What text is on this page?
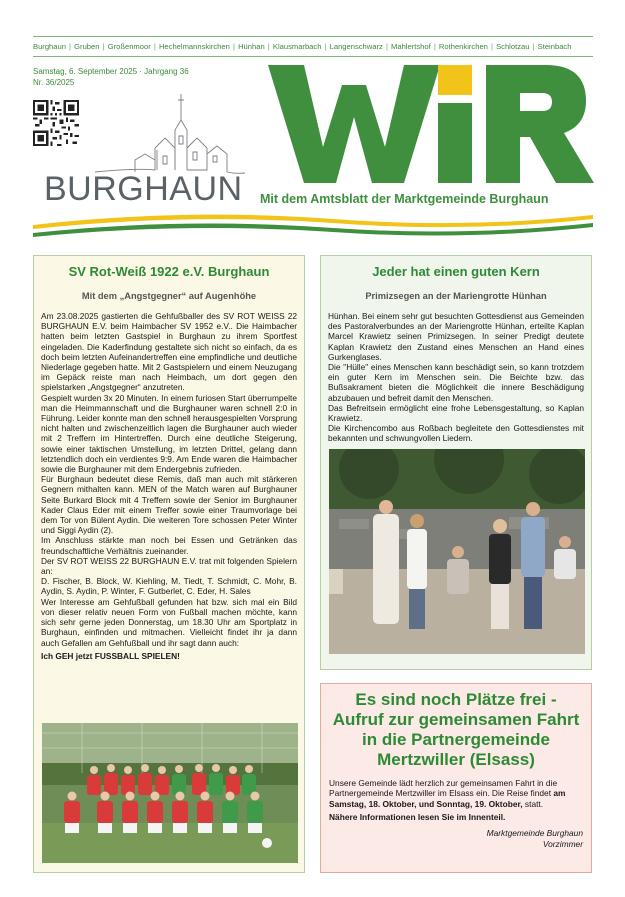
Burghaun | Gruben | Großenmoor | Hechelmannskirchen | Hünhan | Klausmarbach | Langenschwarz | Mahlertshof | Rothenkirchen | Schlotzau | Steinbach
Samstag, 6. September 2025 · Jahrgang 36
Nr. 36/2025
BURGHAUN Mit dem Amtsblatt der Marktgemeinde Burghaun
SV Rot-Weiß 1922 e.V. Burghaun
Mit dem „Angstgegner“ auf Augenhöhe

Am 23.08.2025 gastierten die Gehfußballer des SV ROT WEISS 22 BURGHAUN E.V. beim Haimbacher SV 1952 e.V.. Die Haimbacher hatten beim letzten Gastspiel in Burghaun zu ihrem Sportfest eingeladen. Die Kaderfindung gestaltete sich nicht so einfach, da es doch beim letzten Aufeinandertreffen eine empfindliche und deutliche Niederlage gegeben hatte. Mit 2 Gastspielern und einem Neuzugang im Gepäck reiste man nach Heimbach, um dort gegen den spielstarken „Angstgegner“ anzutreten.

Gespielt wurden 3x 20 Minuten. In einem furiosen Start überrumpelte man die Heimmannschaft und die Burghauner waren schnell 2:0 in Führung. Leider konnte man den schnell herausgespielten Vorsprung nicht halten und zwischenzeitlich lagen die Burghauner auch wieder mit 2 Treffern im Hintertreffen. Durch eine deutliche Steigerung, sowie einer taktischen Umstellung, im letzten Drittel, gelang dann letztendlich doch ein verdientes 9:9. Am Ende waren die Haimbacher sowie die Burghauner mit dem Endergebnis zufrieden.

Für Burghaun bedeutet diese Remis, daß man auch mit stärkeren Gegnern mithalten kann. MEN of the Match waren auf Burghauner Seite Burkard Block mit 4 Treffern sowie der Senior im Burghauner Kader Claus Eder mit einem Treffer sowie einer Traumvorlage bei dem Tor von Bülent Aydin. Die weiteren Tore schossen Peter Winter und Siggi Aydin (2).

Im Anschluss stärkte man noch bei Essen und Getränken das freundschaftliche Verhältnis zueinander.

Der SV ROT WEISS 22 BURGHAUN E.V. trat mit folgenden Spielern an:

D. Fischer, B. Block, W. Kiehling, M. Tiedt, T. Schmidt, C. Mohr, B. Aydin, S. Aydin, P. Winter, F. Gutberlet, C. Eder, H. Sales

Wer Interesse am Gehfußball gefunden hat bzw. sich mal ein Bild von dieser relativ neuen Form von Fußball machen möchte, kann sich sehr gerne jeden Donnerstag, um 18.30 Uhr am Sportplatz in Burghaun, einfinden und mitmachen. Vielleicht findet ihr ja dann auch Gefallen am Gehfußball und ihr sagt dann auch:

Ich GEH jetzt FUSSBALL SPIELEN!

Jeder hat einen guten Kern
Primizsegen an der Mariengrotte Hünhan

Hünhan. Bei einem sehr gut besuchten Gottesdienst aus Gemeinden des Pastoralverbundes an der Mariengrotte Hünhan, erteilte Kaplan Marcel Krawietz seinen Primizsegen. In seiner Predigt deutete Kaplan Krawietz den Zustand eines Menschen an Hand eines Gurkenglases.

Die "Hülle" eines Menschen kann beschädigt sein, so kann trotzdem ein guter Kern im Menschen sein. Die Beichte bzw. das Bußsakrament bieten die Möglichkeit die innere Beschädigung abzubauen und befreit damit den Menschen.

Das Befreitsein ermöglicht eine frohe Lebensgestaltung, so Kaplan Krawietz.

Die Kirchencombo aus Roßbach begleitete den Gottesdienstes mit bekannten und schwungvollen Liedern.

Es sind noch Plätze frei -
Aufruf zur gemeinsamen Fahrt
in die Partnergemeinde
Mertzwiller (Elsass)
Unsere Gemeinde lädt herzlich zur gemeinsamen Fahrt in die Partnergemeinde Mertzwiller im Elsass ein. Die Reise findet am Samstag, 18. Oktober, und Sonntag, 19. Oktober, statt.
Nähere Informationen lesen Sie im Innenteil.
Marktgemeinde Burghaun
Vorzimmer
